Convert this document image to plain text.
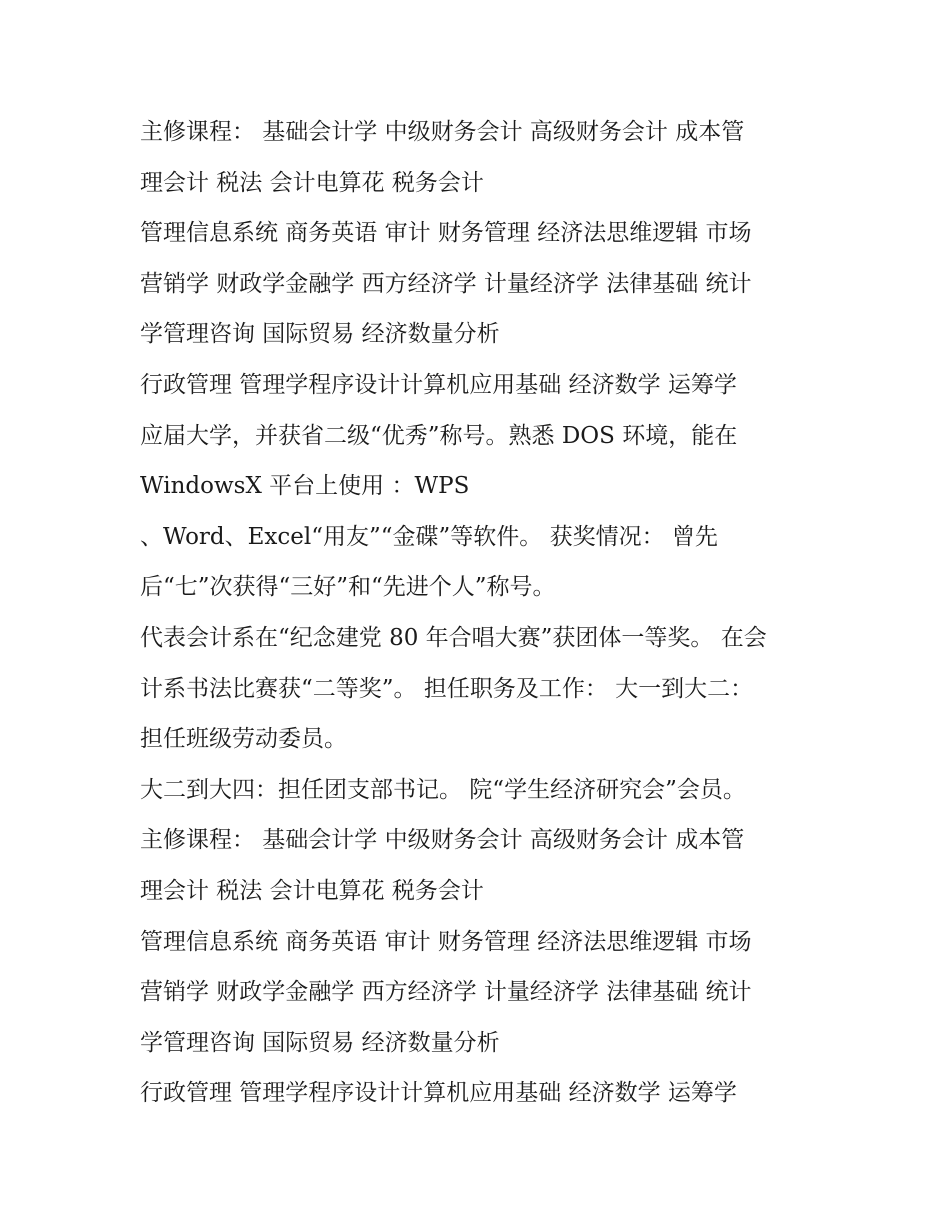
主修课程： 基础会计学 中级财务会计 高级财务会计 成本管
理会计 税法 会计电算花 税务会计
管理信息系统 商务英语 审计 财务管理 经济法思维逻辑 市场
营销学 财政学金融学 西方经济学 计量经济学 法律基础 统计
学管理咨询 国际贸易 经济数量分析
行政管理 管理学程序设计计算机应用基础 经济数学 运筹学
应届大学，并获省二级“优秀”称号。熟悉 DOS 环境，能在
WindowsX 平台上使用 ：WPS
、Word、Excel“用友”“金碟”等软件。 获奖情况： 曾先
后“七”次获得“三好”和“先进个人”称号。
代表会计系在“纪念建党 80 年合唱大赛”获团体一等奖。 在会
计系书法比赛获“二等奖”。 担任职务及工作： 大一到大二：
担任班级劳动委员。
大二到大四：担任团支部书记。 院“学生经济研究会”会员。
主修课程： 基础会计学 中级财务会计 高级财务会计 成本管
理会计 税法 会计电算花 税务会计
管理信息系统 商务英语 审计 财务管理 经济法思维逻辑 市场
营销学 财政学金融学 西方经济学 计量经济学 法律基础 统计
学管理咨询 国际贸易 经济数量分析
行政管理 管理学程序设计计算机应用基础 经济数学 运筹学
